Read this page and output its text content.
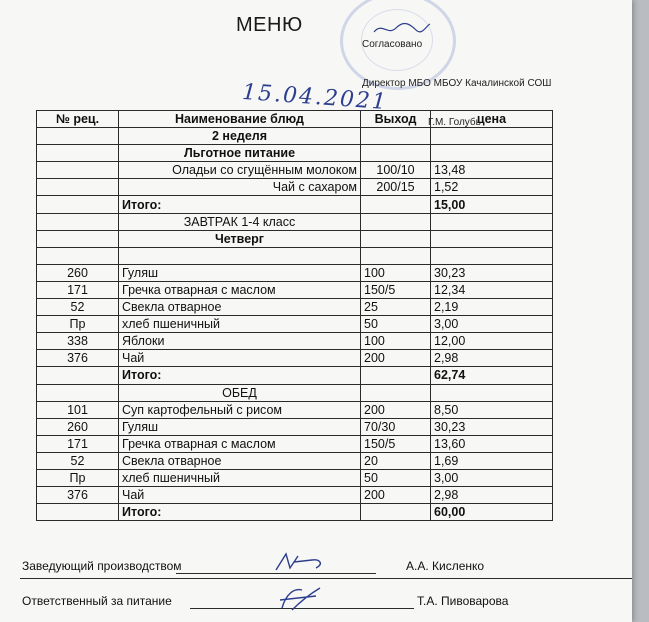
МЕНЮ

Согласовано

Директор МБО МБОУ Качалинской СОШ

Г.М. Голубь

15.04.2021
№ рец.	Наименование блюд	Выход	цена
	2 неделя		
	Льготное питание		
	Оладьи со сгущённым молоком	100/10	13,48
	Чай с сахаром	200/15	1,52
	Итого:		15,00
	ЗАВТРАК 1-4 класс		
	Четверг		

260	Гуляш	100	30,23
171	Гречка отварная с маслом	150/5	12,34
52	Свекла отварное	25	2,19
Пр	хлеб пшеничный	50	3,00
338	Яблоки	100	12,00
376	Чай	200	2,98
	Итого:		62,74
	ОБЕД		
101	Суп картофельный с рисом	200	8,50
260	Гуляш	70/30	30,23
171	Гречка отварная с маслом	150/5	13,60
52	Свекла отварное	20	1,69
Пр	хлеб пшеничный	50	3,00
376	Чай	200	2,98
	Итого:		60,00
Заведующий производством	А.А. Кисленко
Ответственный за питание	Т.А. Пивоварова
